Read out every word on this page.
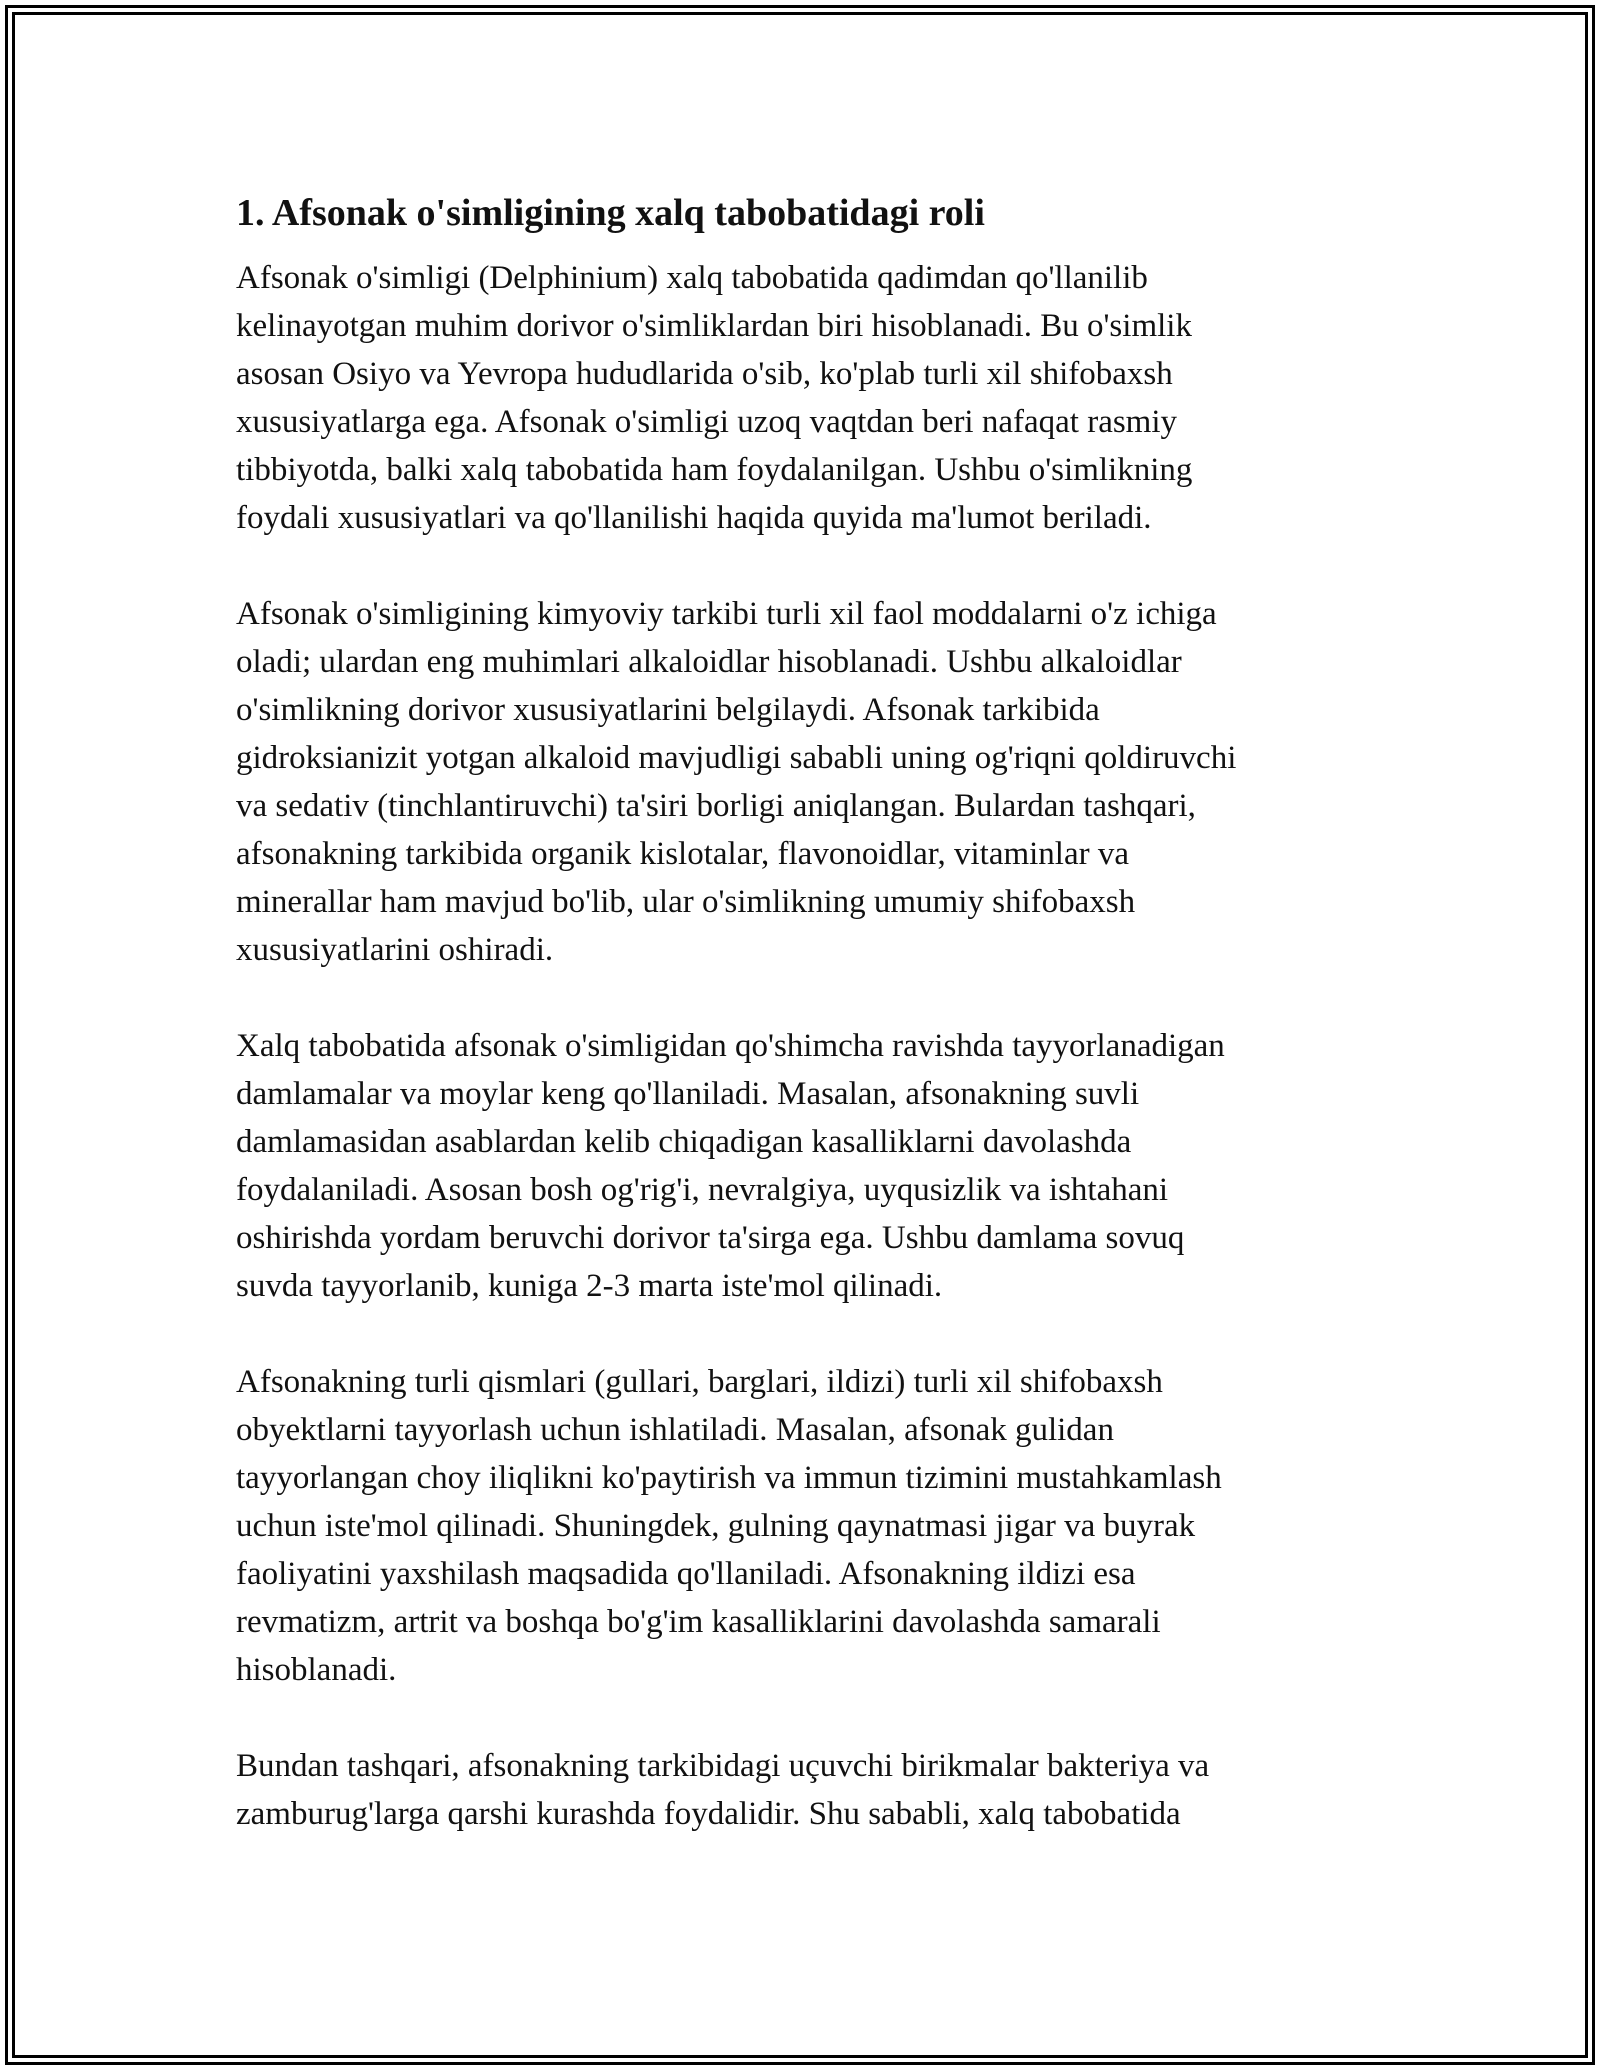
1. Afsonak o'simligining xalq tabobatidagi roli

Afsonak o'simligi (Delphinium) xalq tabobatida qadimdan qo'llanilib
kelinayotgan muhim dorivor o'simliklardan biri hisoblanadi. Bu o'simlik
asosan Osiyo va Yevropa hududlarida o'sib, ko'plab turli xil shifobaxsh
xususiyatlarga ega. Afsonak o'simligi uzoq vaqtdan beri nafaqat rasmiy
tibbiyotda, balki xalq tabobatida ham foydalanilgan. Ushbu o'simlikning
foydali xususiyatlari va qo'llanilishi haqida quyida ma'lumot beriladi.

Afsonak o'simligining kimyoviy tarkibi turli xil faol moddalarni o'z ichiga
oladi; ulardan eng muhimlari alkaloidlar hisoblanadi. Ushbu alkaloidlar
o'simlikning dorivor xususiyatlarini belgilaydi. Afsonak tarkibida
gidroksianizit yotgan alkaloid mavjudligi sababli uning og'riqni qoldiruvchi
va sedativ (tinchlantiruvchi) ta'siri borligi aniqlangan. Bulardan tashqari,
afsonakning tarkibida organik kislotalar, flavonoidlar, vitaminlar va
minerallar ham mavjud bo'lib, ular o'simlikning umumiy shifobaxsh
xususiyatlarini oshiradi.

Xalq tabobatida afsonak o'simligidan qo'shimcha ravishda tayyorlanadigan
damlamalar va moylar keng qo'llaniladi. Masalan, afsonakning suvli
damlamasidan asablardan kelib chiqadigan kasalliklarni davolashda
foydalaniladi. Asosan bosh og'rig'i, nevralgiya, uyqusizlik va ishtahani
oshirishda yordam beruvchi dorivor ta'sirga ega. Ushbu damlama sovuq
suvda tayyorlanib, kuniga 2-3 marta iste'mol qilinadi.

Afsonakning turli qismlari (gullari, barglari, ildizi) turli xil shifobaxsh
obyektlarni tayyorlash uchun ishlatiladi. Masalan, afsonak gulidan
tayyorlangan choy iliqlikni ko'paytirish va immun tizimini mustahkamlash
uchun iste'mol qilinadi. Shuningdek, gulning qaynatmasi jigar va buyrak
faoliyatini yaxshilash maqsadida qo'llaniladi. Afsonakning ildizi esa
revmatizm, artrit va boshqa bo'g'im kasalliklarini davolashda samarali
hisoblanadi.

Bundan tashqari, afsonakning tarkibidagi uçuvchi birikmalar bakteriya va
zamburug'larga qarshi kurashda foydalidir. Shu sababli, xalq tabobatida
